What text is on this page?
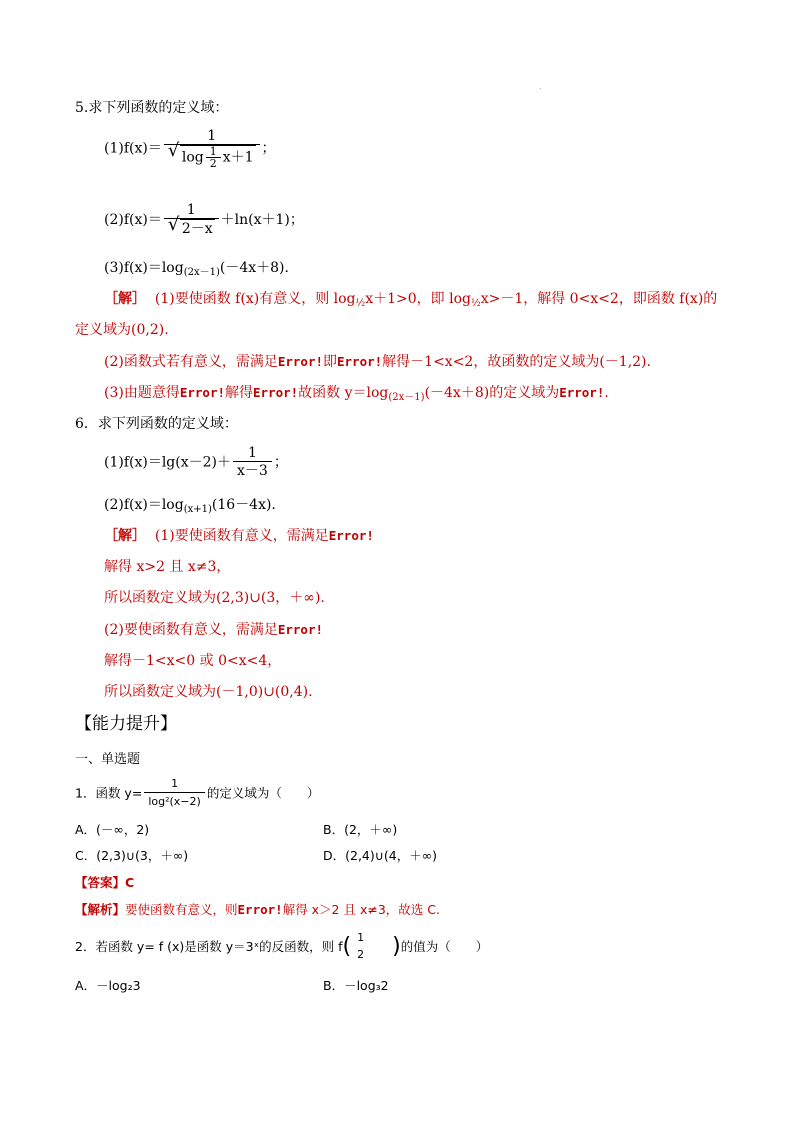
.
5.求下列函数的定义域：
(1)f(x)＝ 1
√ $\log \frac{1}{2} x+1$ ；
(2)f(x)＝ 1
√ 2－x ＋ln(x＋1)；
$(3)f(x)=\log_{(2x-1)}(-4x+8)$.
［解］ (1)要使函数 f(x)有意义，则 $\log_{\frac{1}{2}}x+1>0$，即 $\log_{\frac{1}{2}}x>-1$，解得 0<x<2，即函数 f(x)的
定义域为(0,2).
(2)函数式若有意义，需满足Error!即Error!解得－1<x<2，故函数的定义域为(－1,2).
(3)由题意得Error!解得Error!故函数 $y=\log_{(2x-1)}(-4x+8)$的定义域为Error!.
6．求下列函数的定义域：
$(1)f(x)=\lg(x-2)+ \frac{1}{x-3}$ ；
$(2)f(x)=\log_{(x+1)}(16-4x)$.
［解］ (1)要使函数有意义，需满足Error!
解得 x>2 且 x≠3，
所以函数定义域为(2,3)∪(3，＋∞).
(2)要使函数有意义，需满足Error!
解得－1<x<0 或 0<x<4，
所以函数定义域为(－1,0)∪(0,4).
【能力提升】
一、单选题
1．函数 $y= \frac{1}{\text{log²(x−2)}}$ 的定义域为（　　）
A．(－∞，2)	B．(2，＋∞)
C．(2,3)∪(3，＋∞)	D．(2,4)∪(4，＋∞)
【答案】C
【解析】要使函数有意义，则Error!解得 x＞2 且 x≠3，故选 C.
2．若函数 y= f (x)是函数 y＝3ˣ的反函数，则 f( 1
2 )的值为（　　）
A．－log₂3	B．－log₃2
